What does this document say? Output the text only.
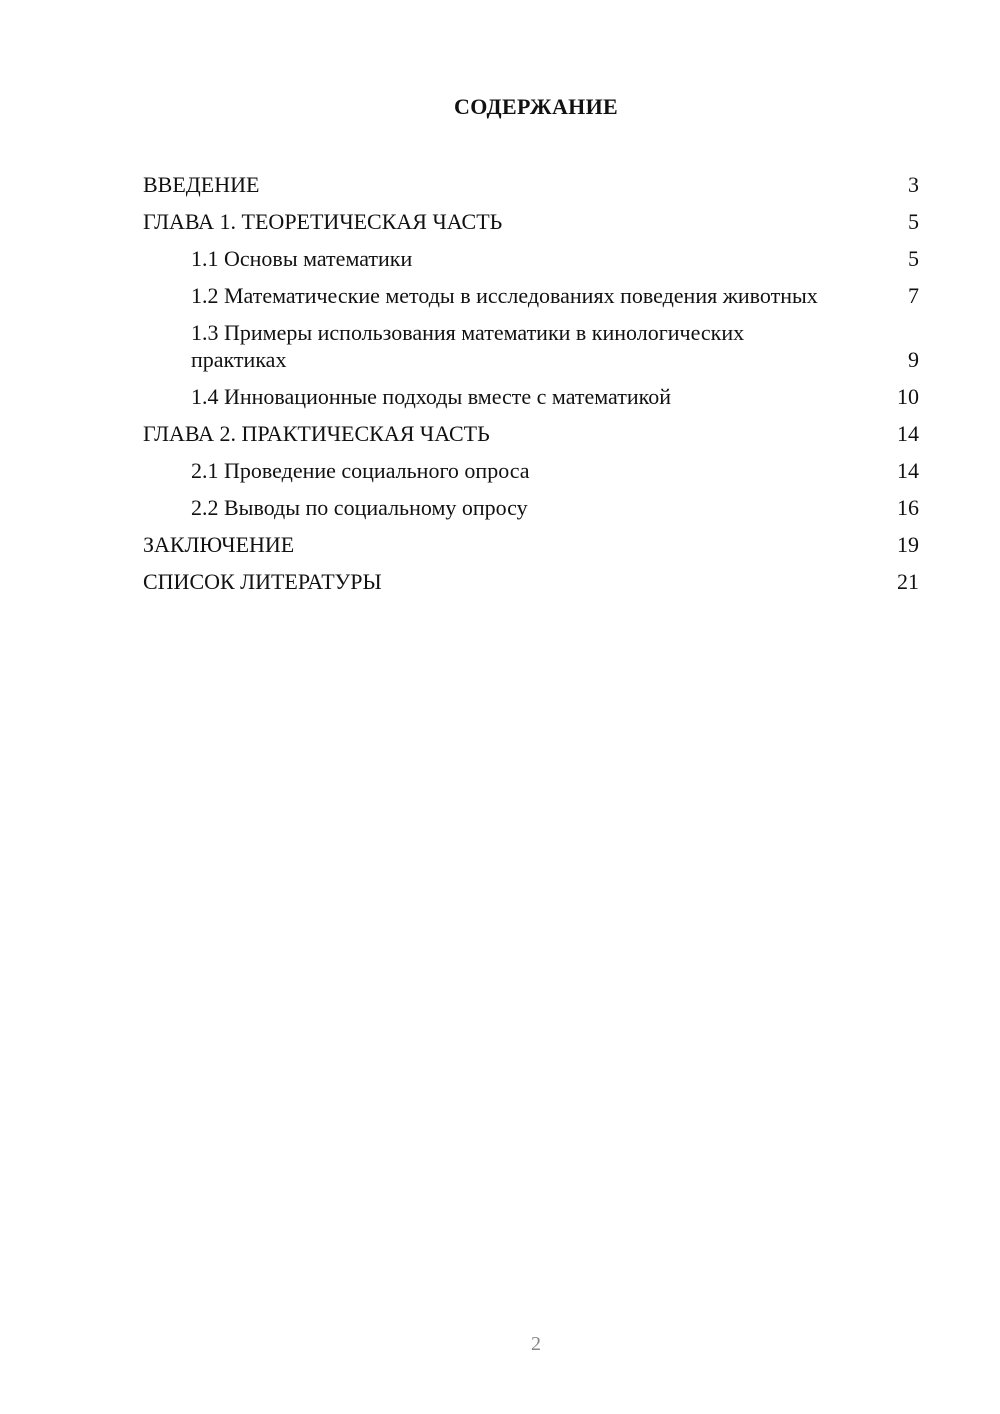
СОДЕРЖАНИЕ
ВВЕДЕНИЕ	3
ГЛАВА 1. ТЕОРЕТИЧЕСКАЯ ЧАСТЬ	5
1.1 Основы математики	5
1.2 Математические методы в исследованиях поведения животных	7
1.3 Примеры использования математики в кинологических практиках	9
1.4 Инновационные подходы вместе с математикой	10
ГЛАВА 2. ПРАКТИЧЕСКАЯ ЧАСТЬ	14
2.1 Проведение социального опроса	14
2.2 Выводы по социальному опросу	16
ЗАКЛЮЧЕНИЕ	19
СПИСОК ЛИТЕРАТУРЫ	21
2
